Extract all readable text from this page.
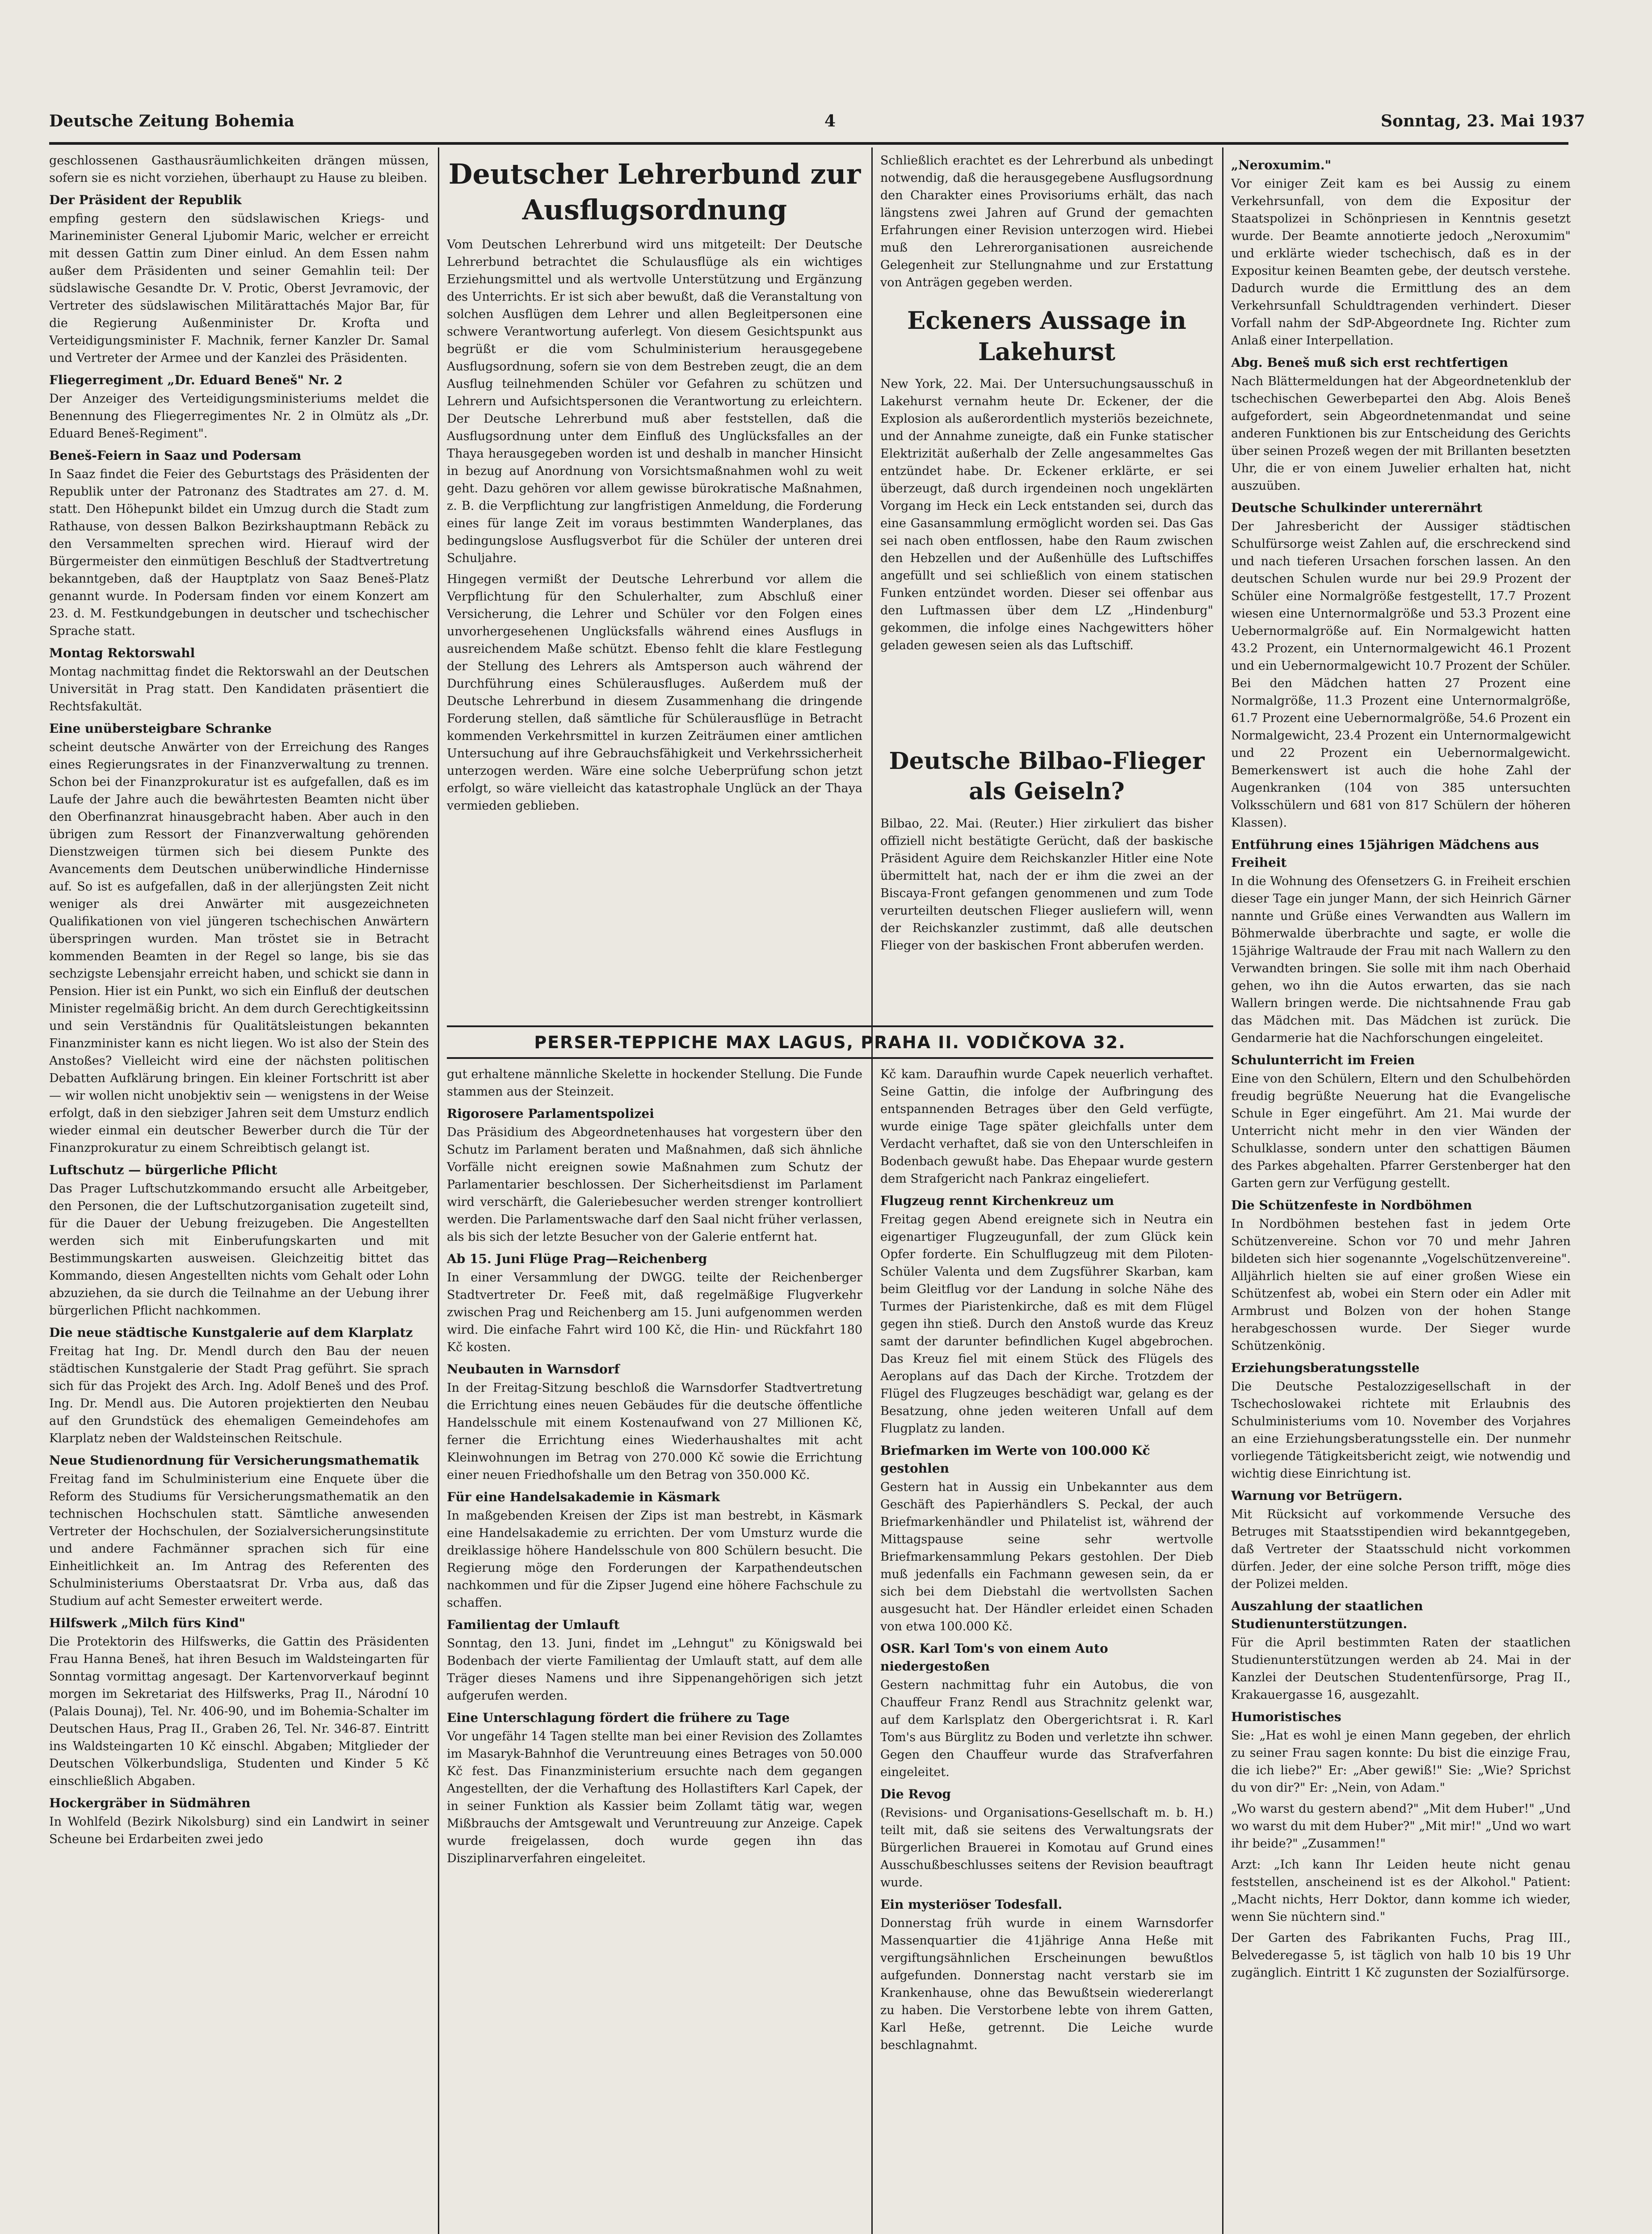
Deutsche Zeitung Bohemia	4	Sonntag, 23. Mai 1937

geschlossenen Gasthausräumlichkeiten drängen müssen, sofern sie es nicht vorziehen, überhaupt zu Hause zu bleiben.

Der Präsident der Republik

empfing gestern den südslawischen Kriegs- und Marineminister General Ljubomir Maric, welcher er erreicht mit dessen Gattin zum Diner einlud. An dem Essen nahm außer dem Präsidenten und seiner Gemahlin teil: Der südslawische Gesandte Dr. V. Protic, Oberst Jevramovic, der Vertreter des südslawischen Militärattachés Major Bar, für die Regierung Außenminister Dr. Krofta und Verteidigungsminister F. Machnik, ferner Kanzler Dr. Samal und Vertreter der Armee und der Kanzlei des Präsidenten.

Fliegerregiment „Dr. Eduard Beneš" Nr. 2

Der Anzeiger des Verteidigungsministeriums meldet die Benennung des Fliegerregimentes Nr. 2 in Olmütz als „Dr. Eduard Beneš-Regiment".

Beneš-Feiern in Saaz und Podersam

In Saaz findet die Feier des Geburtstags des Präsidenten der Republik unter der Patronanz des Stadtrates am 27. d. M. statt. Den Höhepunkt bildet ein Umzug durch die Stadt zum Rathause, von dessen Balkon Bezirkshauptmann Rebäck zu den Versammelten sprechen wird. Hierauf wird der Bürgermeister den einmütigen Beschluß der Stadtvertretung bekanntgeben, daß der Hauptplatz von Saaz Beneš-Platz genannt wurde. In Podersam finden vor einem Konzert am 23. d. M. Festkundgebungen in deutscher und tschechischer Sprache statt.

Montag Rektorswahl

Montag nachmittag findet die Rektorswahl an der Deutschen Universität in Prag statt. Den Kandidaten präsentiert die Rechtsfakultät.

Eine unübersteigbare Schranke

scheint deutsche Anwärter von der Erreichung des Ranges eines Regierungsrates in der Finanzverwaltung zu trennen. Schon bei der Finanzprokuratur ist es aufgefallen, daß es im Laufe der Jahre auch die bewährtesten Beamten nicht über den Oberfinanzrat hinausgebracht haben. Aber auch in den übrigen zum Ressort der Finanzverwaltung gehörenden Dienstzweigen türmen sich bei diesem Punkte des Avancements dem Deutschen unüberwindliche Hindernisse auf. So ist es aufgefallen, daß in der allerjüngsten Zeit nicht weniger als drei Anwärter mit ausgezeichneten Qualifikationen von viel jüngeren tschechischen Anwärtern überspringen wurden. Man tröstet sie in Betracht kommenden Beamten in der Regel so lange, bis sie das sechzigste Lebensjahr erreicht haben, und schickt sie dann in Pension. Hier ist ein Punkt, wo sich ein Einfluß der deutschen Minister regelmäßig bricht. An dem durch Gerechtigkeitssinn und sein Verständnis für Qualitätsleistungen bekannten Finanzminister kann es nicht liegen. Wo ist also der Stein des Anstoßes? Vielleicht wird eine der nächsten politischen Debatten Aufklärung bringen. Ein kleiner Fortschritt ist aber — wir wollen nicht unobjektiv sein — wenigstens in der Weise erfolgt, daß in den siebziger Jahren seit dem Umsturz endlich wieder einmal ein deutscher Bewerber durch die Tür der Finanzprokuratur zu einem Schreibtisch gelangt ist.

Luftschutz — bürgerliche Pflicht

Das Prager Luftschutzkommando ersucht alle Arbeitgeber, den Personen, die der Luftschutzorganisation zugeteilt sind, für die Dauer der Uebung freizugeben. Die Angestellten werden sich mit Einberufungskarten und mit Bestimmungskarten ausweisen. Gleichzeitig bittet das Kommando, diesen Angestellten nichts vom Gehalt oder Lohn abzuziehen, da sie durch die Teilnahme an der Uebung ihrer bürgerlichen Pflicht nachkommen.

Die neue städtische Kunstgalerie auf dem Klarplatz

Freitag hat Ing. Dr. Mendl durch den Bau der neuen städtischen Kunstgalerie der Stadt Prag geführt. Sie sprach sich für das Projekt des Arch. Ing. Adolf Beneš und des Prof. Ing. Dr. Mendl aus. Die Autoren projektierten den Neubau auf den Grundstück des ehemaligen Gemeindehofes am Klarplatz neben der Waldsteinschen Reitschule.

Neue Studienordnung für Versicherungsmathematik

Freitag fand im Schulministerium eine Enquete über die Reform des Studiums für Versicherungsmathematik an den technischen Hochschulen statt. Sämtliche anwesenden Vertreter der Hochschulen, der Sozialversicherungsinstitute und andere Fachmänner sprachen sich für eine Einheitlichkeit an. Im Antrag des Referenten des Schulministeriums Oberstaatsrat Dr. Vrba aus, daß das Studium auf acht Semester erweitert werde.

Hilfswerk „Milch fürs Kind"

Die Protektorin des Hilfswerks, die Gattin des Präsidenten Frau Hanna Beneš, hat ihren Besuch im Waldsteingarten für Sonntag vormittag angesagt. Der Kartenvorverkauf beginnt morgen im Sekretariat des Hilfswerks, Prag II., Národní 10 (Palais Dounaj), Tel. Nr. 406-90, und im Bohemia-Schalter im Deutschen Haus, Prag II., Graben 26, Tel. Nr. 346-87. Eintritt ins Waldsteingarten 10 Kč einschl. Abgaben; Mitglieder der Deutschen Völkerbundsliga, Studenten und Kinder 5 Kč einschließlich Abgaben.

Hockergräber in Südmähren

In Wohlfeld (Bezirk Nikolsburg) sind ein Landwirt in seiner Scheune bei Erdarbeiten zwei jedo

Deutscher Lehrerbund zur Ausflugsordnung

Vom Deutschen Lehrerbund wird uns mitgeteilt: Der Deutsche Lehrerbund betrachtet die Schulausflüge als ein wichtiges Erziehungsmittel und als wertvolle Unterstützung und Ergänzung des Unterrichts. Er ist sich aber bewußt, daß die Veranstaltung von solchen Ausflügen dem Lehrer und allen Begleitpersonen eine schwere Verantwortung auferlegt. Von diesem Gesichtspunkt aus begrüßt er die vom Schulministerium herausgegebene Ausflugsordnung, sofern sie von dem Bestreben zeugt, die an dem Ausflug teilnehmenden Schüler vor Gefahren zu schützen und Lehrern und Aufsichtspersonen die Verantwortung zu erleichtern. Der Deutsche Lehrerbund muß aber feststellen, daß die Ausflugsordnung unter dem Einfluß des Unglücksfalles an der Thaya herausgegeben worden ist und deshalb in mancher Hinsicht in bezug auf Anordnung von Vorsichtsmaßnahmen wohl zu weit geht. Dazu gehören vor allem gewisse bürokratische Maßnahmen, z. B. die Verpflichtung zur langfristigen Anmeldung, die Forderung eines für lange Zeit im voraus bestimmten Wanderplanes, das bedingungslose Ausflugsverbot für die Schüler der unteren drei Schuljahre.

Hingegen vermißt der Deutsche Lehrerbund vor allem die Verpflichtung für den Schulerhalter, zum Abschluß einer Versicherung, die Lehrer und Schüler vor den Folgen eines unvorhergesehenen Unglücksfalls während eines Ausflugs in ausreichendem Maße schützt. Ebenso fehlt die klare Festlegung der Stellung des Lehrers als Amtsperson auch während der Durchführung eines Schülerausfluges. Außerdem muß der Deutsche Lehrerbund in diesem Zusammenhang die dringende Forderung stellen, daß sämtliche für Schülerausflüge in Betracht kommenden Verkehrsmittel in kurzen Zeiträumen einer amtlichen Untersuchung auf ihre Gebrauchsfähigkeit und Verkehrssicherheit unterzogen werden. Wäre eine solche Ueberprüfung schon jetzt erfolgt, so wäre vielleicht das katastrophale Unglück an der Thaya vermieden geblieben.

Schließlich erachtet es der Lehrerbund als unbedingt notwendig, daß die herausgegebene Ausflugsordnung den Charakter eines Provisoriums erhält, das nach längstens zwei Jahren auf Grund der gemachten Erfahrungen einer Revision unterzogen wird. Hiebei muß den Lehrerorganisationen ausreichende Gelegenheit zur Stellungnahme und zur Erstattung von Anträgen gegeben werden.

Eckeners Aussage in Lakehurst

New York, 22. Mai. Der Untersuchungsausschuß in Lakehurst vernahm heute Dr. Eckener, der die Explosion als außerordentlich mysteriös bezeichnete, und der Annahme zuneigte, daß ein Funke statischer Elektrizität außerhalb der Zelle angesammeltes Gas entzündet habe. Dr. Eckener erklärte, er sei überzeugt, daß durch irgendeinen noch ungeklärten Vorgang im Heck ein Leck entstanden sei, durch das eine Gasansammlung ermöglicht worden sei. Das Gas sei nach oben entflossen, habe den Raum zwischen den Hebzellen und der Außenhülle des Luftschiffes angefüllt und sei schließlich von einem statischen Funken entzündet worden. Dieser sei offenbar aus den Luftmassen über dem LZ „Hindenburg" gekommen, die infolge eines Nachgewitters höher geladen gewesen seien als das Luftschiff.

Deutsche Bilbao-Flieger als Geiseln?

Bilbao, 22. Mai. (Reuter.) Hier zirkuliert das bisher offiziell nicht bestätigte Gerücht, daß der baskische Präsident Aguire dem Reichskanzler Hitler eine Note übermittelt hat, nach der er ihm die zwei an der Biscaya-Front gefangen genommenen und zum Tode verurteilten deutschen Flieger ausliefern will, wenn der Reichskanzler zustimmt, daß alle deutschen Flieger von der baskischen Front abberufen werden.

PERSER-TEPPICHE MAX LAGUS, PRAHA II. VODIČKOVA 32.

gut erhaltene männliche Skelette in hockender Stellung. Die Funde stammen aus der Steinzeit.

Rigorosere Parlamentspolizei

Das Präsidium des Abgeordnetenhauses hat vorgestern über den Schutz im Parlament beraten und Maßnahmen, daß sich ähnliche Vorfälle nicht ereignen sowie Maßnahmen zum Schutz der Parlamentarier beschlossen. Der Sicherheitsdienst im Parlament wird verschärft, die Galeriebesucher werden strenger kontrolliert werden. Die Parlamentswache darf den Saal nicht früher verlassen, als bis sich der letzte Besucher von der Galerie entfernt hat.

Ab 15. Juni Flüge Prag—Reichenberg

In einer Versammlung der DWGG. teilte der Reichenberger Stadtvertreter Dr. Feeß mit, daß regelmäßige Flugverkehr zwischen Prag und Reichenberg am 15. Juni aufgenommen werden wird. Die einfache Fahrt wird 100 Kč, die Hin- und Rückfahrt 180 Kč kosten.

Neubauten in Warnsdorf

In der Freitag-Sitzung beschloß die Warnsdorfer Stadtvertretung die Errichtung eines neuen Gebäudes für die deutsche öffentliche Handelsschule mit einem Kostenaufwand von 27 Millionen Kč, ferner die Errichtung eines Wiederhaushaltes mit acht Kleinwohnungen im Betrag von 270.000 Kč sowie die Errichtung einer neuen Friedhofshalle um den Betrag von 350.000 Kč.

Für eine Handelsakademie in Käsmark

In maßgebenden Kreisen der Zips ist man bestrebt, in Käsmark eine Handelsakademie zu errichten. Der vom Umsturz wurde die dreiklassige höhere Handelsschule von 800 Schülern besucht. Die Regierung möge den Forderungen der Karpathendeutschen nachkommen und für die Zipser Jugend eine höhere Fachschule zu schaffen.

Familientag der Umlauft

Sonntag, den 13. Juni, findet im „Lehngut" zu Königswald bei Bodenbach der vierte Familientag der Umlauft statt, auf dem alle Träger dieses Namens und ihre Sippenangehörigen sich jetzt aufgerufen werden.

Eine Unterschlagung fördert die frühere zu Tage

Vor ungefähr 14 Tagen stellte man bei einer Revision des Zollamtes im Masaryk-Bahnhof die Veruntreuung eines Betrages von 50.000 Kč fest. Das Finanzministerium ersuchte nach dem gegangen Angestellten, der die Verhaftung des Hollastifters Karl Capek, der in seiner Funktion als Kassier beim Zollamt tätig war, wegen Mißbrauchs der Amtsgewalt und Veruntreuung zur Anzeige. Capek wurde freigelassen, doch wurde gegen ihn das Disziplinarverfahren eingeleitet.

Kč kam. Daraufhin wurde Capek neuerlich verhaftet. Seine Gattin, die infolge der Aufbringung des entspannenden Betrages über den Geld verfügte, wurde einige Tage später gleichfalls unter dem Verdacht verhaftet, daß sie von den Unterschleifen in Bodenbach gewußt habe. Das Ehepaar wurde gestern dem Strafgericht nach Pankraz eingeliefert.

Flugzeug rennt Kirchenkreuz um

Freitag gegen Abend ereignete sich in Neutra ein eigenartiger Flugzeugunfall, der zum Glück kein Opfer forderte. Ein Schulflugzeug mit dem Piloten-Schüler Valenta und dem Zugsführer Skarban, kam beim Gleitflug vor der Landung in solche Nähe des Turmes der Piaristenkirche, daß es mit dem Flügel gegen ihn stieß. Durch den Anstoß wurde das Kreuz samt der darunter befindlichen Kugel abgebrochen. Das Kreuz fiel mit einem Stück des Flügels des Aeroplans auf das Dach der Kirche. Trotzdem der Flügel des Flugzeuges beschädigt war, gelang es der Besatzung, ohne jeden weiteren Unfall auf dem Flugplatz zu landen.

Briefmarken im Werte von 100.000 Kč gestohlen

Gestern hat in Aussig ein Unbekannter aus dem Geschäft des Papierhändlers S. Peckal, der auch Briefmarkenhändler und Philatelist ist, während der Mittagspause seine sehr wertvolle Briefmarkensammlung Pekars gestohlen. Der Dieb muß jedenfalls ein Fachmann gewesen sein, da er sich bei dem Diebstahl die wertvollsten Sachen ausgesucht hat. Der Händler erleidet einen Schaden von etwa 100.000 Kč.

OSR. Karl Tom's von einem Auto niedergestoßen

Gestern nachmittag fuhr ein Autobus, die von Chauffeur Franz Rendl aus Strachnitz gelenkt war, auf dem Karlsplatz den Obergerichtsrat i. R. Karl Tom's aus Bürglitz zu Boden und verletzte ihn schwer. Gegen den Chauffeur wurde das Strafverfahren eingeleitet.

Die Revog

(Revisions- und Organisations-Gesellschaft m. b. H.) teilt mit, daß sie seitens des Verwaltungsrats der Bürgerlichen Brauerei in Komotau auf Grund eines Ausschußbeschlusses seitens der Revision beauftragt wurde.

Ein mysteriöser Todesfall.

Donnerstag früh wurde in einem Warnsdorfer Massenquartier die 41jährige Anna Heße mit vergiftungsähnlichen Erscheinungen bewußtlos aufgefunden. Donnerstag nacht verstarb sie im Krankenhause, ohne das Bewußtsein wiedererlangt zu haben. Die Verstorbene lebte von ihrem Gatten, Karl Heße, getrennt. Die Leiche wurde beschlagnahmt.

„Neroxumim."

Vor einiger Zeit kam es bei Aussig zu einem Verkehrsunfall, von dem die Expositur der Staatspolizei in Schönpriesen in Kenntnis gesetzt wurde. Der Beamte annotierte jedoch „Neroxumim" und erklärte wieder tschechisch, daß es in der Expositur keinen Beamten gebe, der deutsch verstehe. Dadurch wurde die Ermittlung des an dem Verkehrsunfall Schuldtragenden verhindert. Dieser Vorfall nahm der SdP-Abgeordnete Ing. Richter zum Anlaß einer Interpellation.

Abg. Beneš muß sich erst rechtfertigen

Nach Blättermeldungen hat der Abgeordnetenklub der tschechischen Gewerbepartei den Abg. Alois Beneš aufgefordert, sein Abgeordnetenmandat und seine anderen Funktionen bis zur Entscheidung des Gerichts über seinen Prozeß wegen der mit Brillanten besetzten Uhr, die er von einem Juwelier erhalten hat, nicht auszuüben.

Deutsche Schulkinder unterernährt

Der Jahresbericht der Aussiger städtischen Schulfürsorge weist Zahlen auf, die erschreckend sind und nach tieferen Ursachen forschen lassen. An den deutschen Schulen wurde nur bei 29.9 Prozent der Schüler eine Normalgröße festgestellt, 17.7 Prozent wiesen eine Unternormalgröße und 53.3 Prozent eine Uebernormalgröße auf. Ein Normalgewicht hatten 43.2 Prozent, ein Unternormalgewicht 46.1 Prozent und ein Uebernormalgewicht 10.7 Prozent der Schüler. Bei den Mädchen hatten 27 Prozent eine Normalgröße, 11.3 Prozent eine Unternormalgröße, 61.7 Prozent eine Uebernormalgröße, 54.6 Prozent ein Normalgewicht, 23.4 Prozent ein Unternormalgewicht und 22 Prozent ein Uebernormalgewicht. Bemerkenswert ist auch die hohe Zahl der Augenkranken (104 von 385 untersuchten Volksschülern und 681 von 817 Schülern der höheren Klassen).

Entführung eines 15jährigen Mädchens aus Freiheit

In die Wohnung des Ofensetzers G. in Freiheit erschien dieser Tage ein junger Mann, der sich Heinrich Gärner nannte und Grüße eines Verwandten aus Wallern im Böhmerwalde überbrachte und sagte, er wolle die 15jährige Waltraude der Frau mit nach Wallern zu den Verwandten bringen. Sie solle mit ihm nach Oberhaid gehen, wo ihn die Autos erwarten, das sie nach Wallern bringen werde. Die nichtsahnende Frau gab das Mädchen mit. Das Mädchen ist zurück. Die Gendarmerie hat die Nachforschungen eingeleitet.

Schulunterricht im Freien

Eine von den Schülern, Eltern und den Schulbehörden freudig begrüßte Neuerung hat die Evangelische Schule in Eger eingeführt. Am 21. Mai wurde der Unterricht nicht mehr in den vier Wänden der Schulklasse, sondern unter den schattigen Bäumen des Parkes abgehalten. Pfarrer Gerstenberger hat den Garten gern zur Verfügung gestellt.

Die Schützenfeste in Nordböhmen

In Nordböhmen bestehen fast in jedem Orte Schützenvereine. Schon vor 70 und mehr Jahren bildeten sich hier sogenannte „Vogelschützenvereine". Alljährlich hielten sie auf einer großen Wiese ein Schützenfest ab, wobei ein Stern oder ein Adler mit Armbrust und Bolzen von der hohen Stange herabgeschossen wurde. Der Sieger wurde Schützenkönig.

Erziehungsberatungsstelle

Die Deutsche Pestalozzigesellschaft in der Tschechoslowakei richtete mit Erlaubnis des Schulministeriums vom 10. November des Vorjahres an eine Erziehungsberatungsstelle ein. Der nunmehr vorliegende Tätigkeitsbericht zeigt, wie notwendig und wichtig diese Einrichtung ist.

Warnung vor Betrügern.

Mit Rücksicht auf vorkommende Versuche des Betruges mit Staatsstipendien wird bekanntgegeben, daß Vertreter der Staatsschuld nicht vorkommen dürfen. Jeder, der eine solche Person trifft, möge dies der Polizei melden.

Auszahlung der staatlichen Studienunterstützungen.

Für die April bestimmten Raten der staatlichen Studienunterstützungen werden ab 24. Mai in der Kanzlei der Deutschen Studentenfürsorge, Prag II., Krakauergasse 16, ausgezahlt.

Humoristisches

Sie: „Hat es wohl je einen Mann gegeben, der ehrlich zu seiner Frau sagen konnte: Du bist die einzige Frau, die ich liebe?" Er: „Aber gewiß!" Sie: „Wie? Sprichst du von dir?" Er: „Nein, von Adam."

„Wo warst du gestern abend?" „Mit dem Huber!" „Und wo warst du mit dem Huber?" „Mit mir!" „Und wo wart ihr beide?" „Zusammen!"

Arzt: „Ich kann Ihr Leiden heute nicht genau feststellen, anscheinend ist es der Alkohol." Patient: „Macht nichts, Herr Doktor, dann komme ich wieder, wenn Sie nüchtern sind."

Der Garten des Fabrikanten Fuchs, Prag III., Belvederegasse 5, ist täglich von halb 10 bis 19 Uhr zugänglich. Eintritt 1 Kč zugunsten der Sozialfürsorge.
